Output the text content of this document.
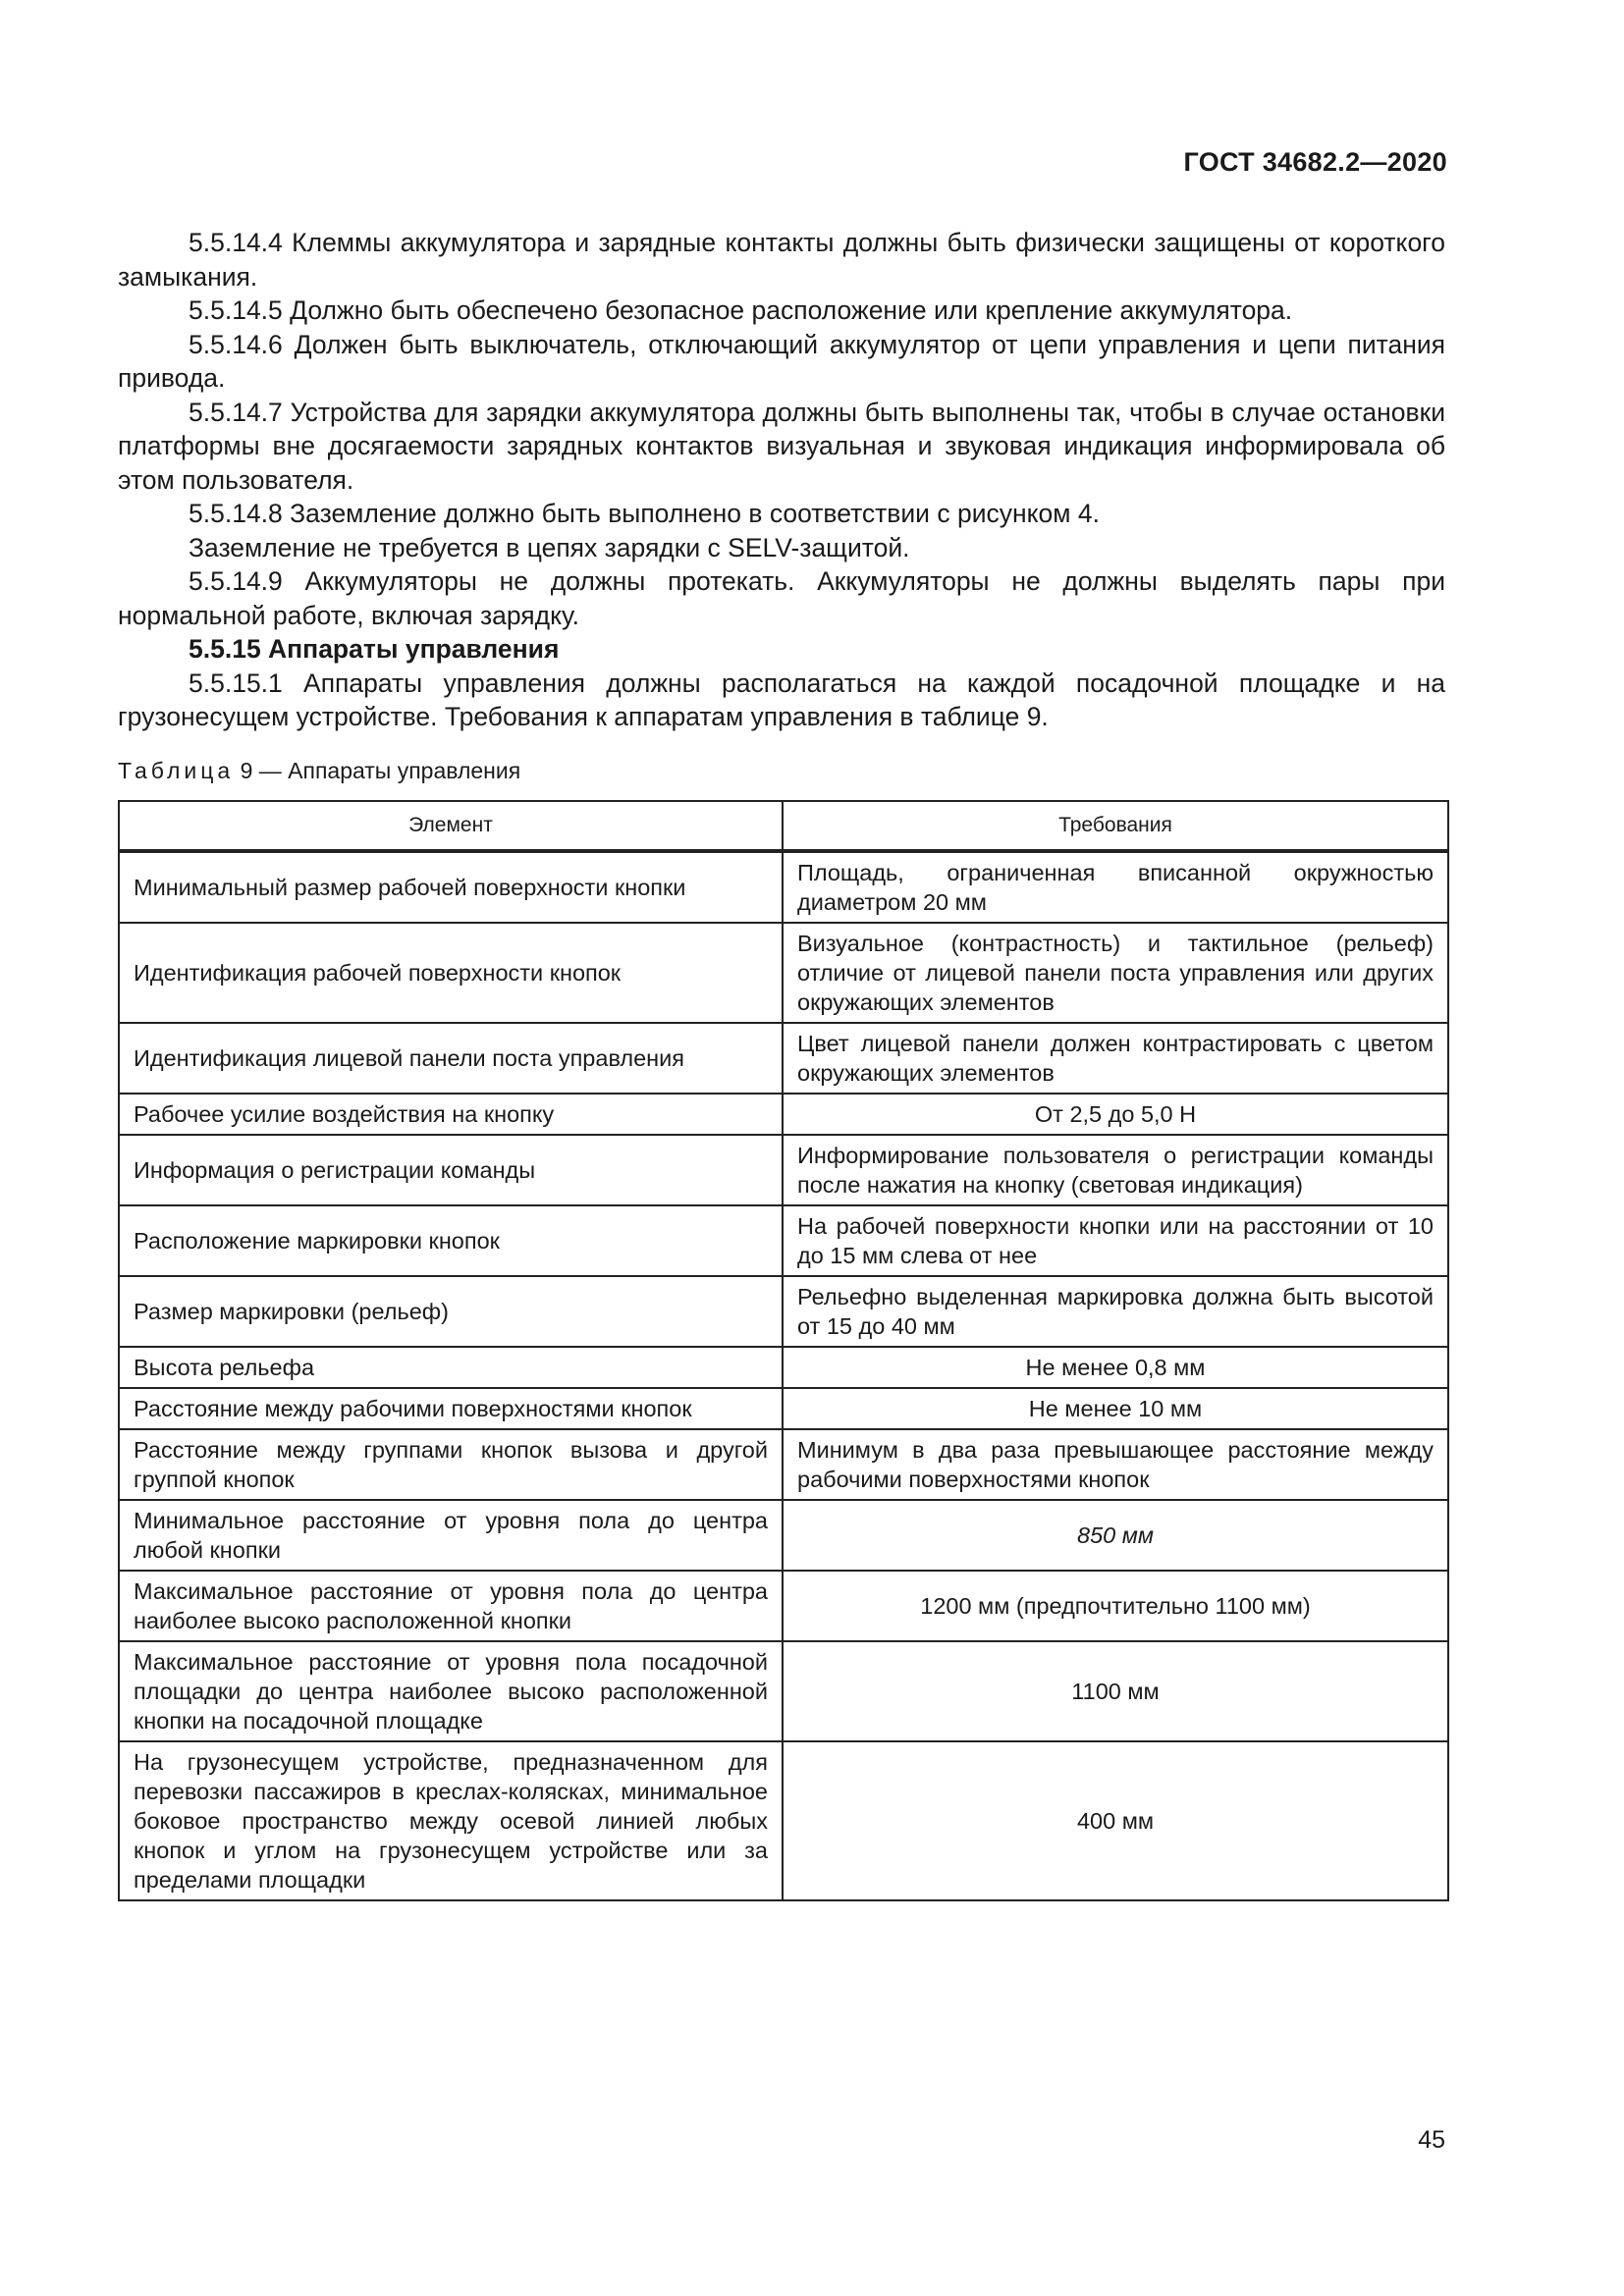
ГОСТ 34682.2—2020

5.5.14.4 Клеммы аккумулятора и зарядные контакты должны быть физически защищены от короткого замыкания.

5.5.14.5 Должно быть обеспечено безопасное расположение или крепление аккумулятора.

5.5.14.6 Должен быть выключатель, отключающий аккумулятор от цепи управления и цепи питания привода.

5.5.14.7 Устройства для зарядки аккумулятора должны быть выполнены так, чтобы в случае остановки платформы вне досягаемости зарядных контактов визуальная и звуковая индикация информировала об этом пользователя.

5.5.14.8 Заземление должно быть выполнено в соответствии с рисунком 4.

Заземление не требуется в цепях зарядки с SELV-защитой.

5.5.14.9 Аккумуляторы не должны протекать. Аккумуляторы не должны выделять пары при нормальной работе, включая зарядку.

5.5.15 Аппараты управления

5.5.15.1 Аппараты управления должны располагаться на каждой посадочной площадке и на грузонесущем устройстве. Требования к аппаратам управления в таблице 9.

Таблица 9 — Аппараты управления
Элемент	Требования
Минимальный размер рабочей поверхности кнопки	Площадь, ограниченная вписанной окружностью диаметром 20 мм
Идентификация рабочей поверхности кнопок	Визуальное (контрастность) и тактильное (рельеф) отличие от лицевой панели поста управления или других окружающих элементов
Идентификация лицевой панели поста управления	Цвет лицевой панели должен контрастировать с цветом окружающих элементов
Рабочее усилие воздействия на кнопку	От 2,5 до 5,0 Н
Информация о регистрации команды	Информирование пользователя о регистрации команды после нажатия на кнопку (световая индикация)
Расположение маркировки кнопок	На рабочей поверхности кнопки или на расстоянии от 10 до 15 мм слева от нее
Размер маркировки (рельеф)	Рельефно выделенная маркировка должна быть высотой от 15 до 40 мм
Высота рельефа	Не менее 0,8 мм
Расстояние между рабочими поверхностями кнопок	Не менее 10 мм
Расстояние между группами кнопок вызова и другой группой кнопок	Минимум в два раза превышающее расстояние между рабочими поверхностями кнопок
Минимальное расстояние от уровня пола до центра любой кнопки	850 мм
Максимальное расстояние от уровня пола до центра наиболее высоко расположенной кнопки	1200 мм (предпочтительно 1100 мм)
Максимальное расстояние от уровня пола посадочной площадки до центра наиболее высоко расположенной кнопки на посадочной площадке	1100 мм
На грузонесущем устройстве, предназначенном для перевозки пассажиров в креслах-колясках, минимальное боковое пространство между осевой линией любых кнопок и углом на грузонесущем устройстве или за пределами площадки	400 мм
45
